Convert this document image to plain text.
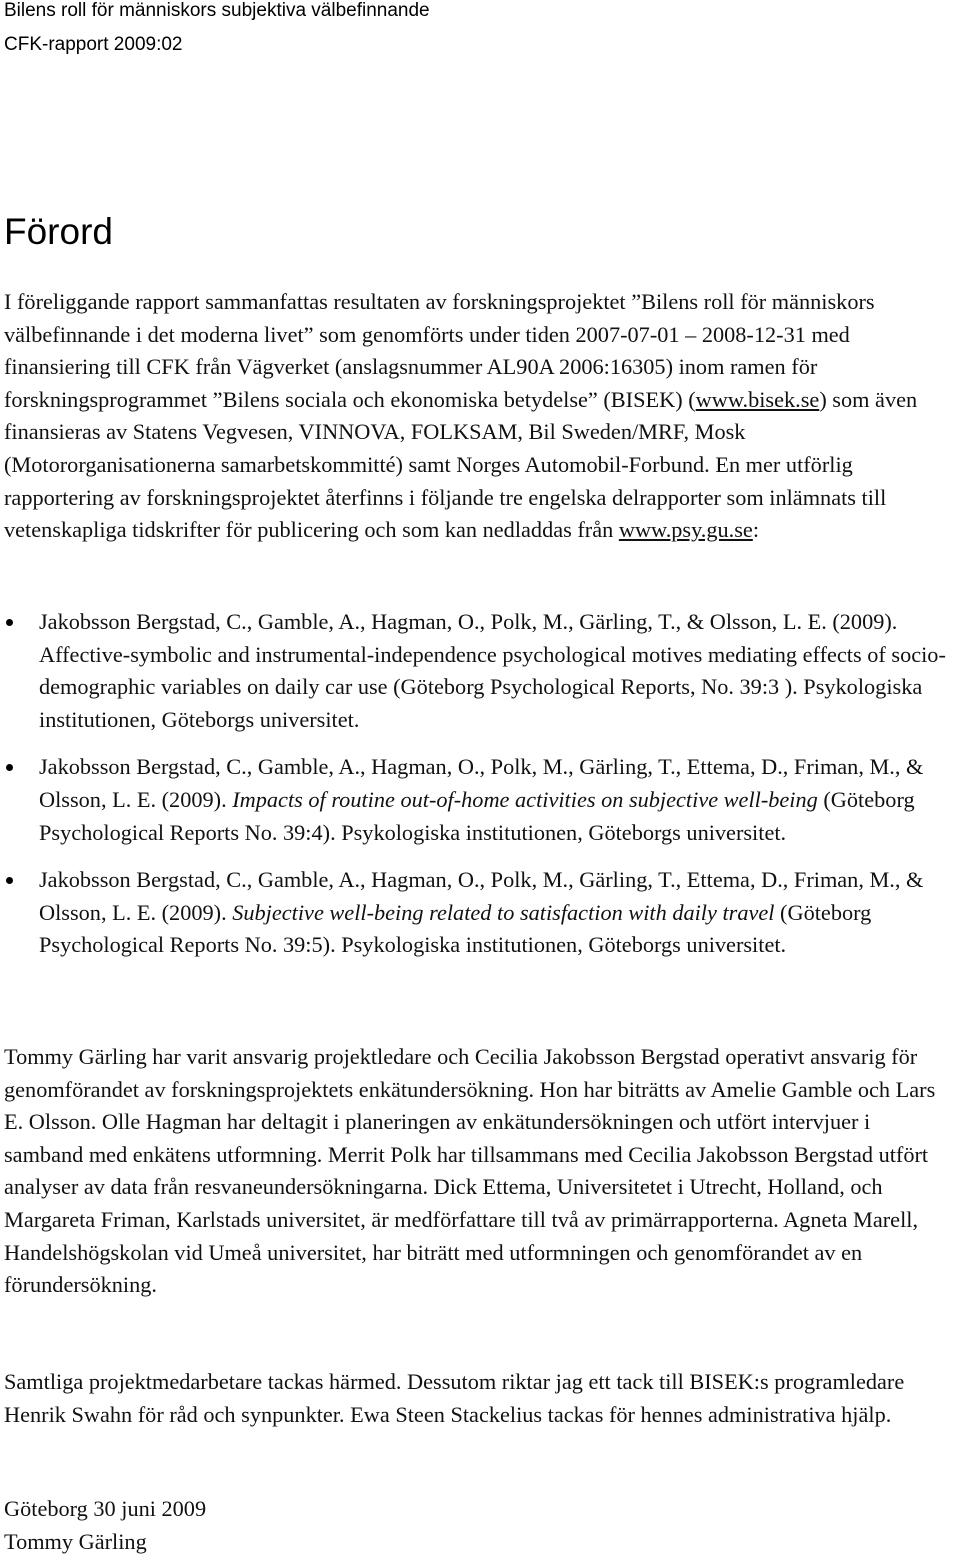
Bilens roll för människors subjektiva välbefinnande
CFK-rapport 2009:02
Förord

I föreliggande rapport sammanfattas resultaten av forskningsprojektet ”Bilens roll för människors välbefinnande i det moderna livet” som genomförts under tiden 2007-07-01 – 2008-12-31 med finansiering till CFK från Vägverket (anslagsnummer AL90A 2006:16305) inom ramen för forskningsprogrammet ”Bilens sociala och ekonomiska betydelse” (BISEK) (www.bisek.se) som även finansieras av Statens Vegvesen, VINNOVA, FOLKSAM, Bil Sweden/MRF, Mosk (Motororganisationerna samarbetskommitté) samt Norges Automobil-Forbund. En mer utförlig rapportering av forskningsprojektet återfinns i följande tre engelska delrapporter som inlämnats till vetenskapliga tidskrifter för publicering och som kan nedladdas från www.psy.gu.se:

Jakobsson Bergstad, C., Gamble, A., Hagman, O., Polk, M., Gärling, T., & Olsson, L. E. (2009). Affective-symbolic and instrumental-independence psychological motives mediating effects of socio-demographic variables on daily car use (Göteborg Psychological Reports, No. 39:3 ). Psykologiska institutionen, Göteborgs universitet.
Jakobsson Bergstad, C., Gamble, A., Hagman, O., Polk, M., Gärling, T., Ettema, D., Friman, M., & Olsson, L. E. (2009). Impacts of routine out-of-home activities on subjective well-being (Göteborg Psychological Reports No. 39:4). Psykologiska institutionen, Göteborgs universitet.
Jakobsson Bergstad, C., Gamble, A., Hagman, O., Polk, M., Gärling, T., Ettema, D., Friman, M., & Olsson, L. E. (2009). Subjective well-being related to satisfaction with daily travel (Göteborg Psychological Reports No. 39:5). Psykologiska institutionen, Göteborgs universitet.

Tommy Gärling har varit ansvarig projektledare och Cecilia Jakobsson Bergstad operativt ansvarig för genomförandet av forskningsprojektets enkätundersökning. Hon har biträtts av Amelie Gamble och Lars E. Olsson. Olle Hagman har deltagit i planeringen av enkätundersökningen och utfört intervjuer i samband med enkätens utformning. Merrit Polk har tillsammans med Cecilia Jakobsson Bergstad utfört analyser av data från resvaneundersökningarna. Dick Ettema, Universitetet i Utrecht, Holland, och Margareta Friman, Karlstads universitet, är medförfattare till två av primärrapporterna. Agneta Marell, Handelshögskolan vid Umeå universitet, har biträtt med utformningen och genomförandet av en förundersökning.

Samtliga projektmedarbetare tackas härmed. Dessutom riktar jag ett tack till BISEK:s programledare Henrik Swahn för råd och synpunkter. Ewa Steen Stackelius tackas för hennes administrativa hjälp.

Göteborg 30 juni 2009
Tommy Gärling
